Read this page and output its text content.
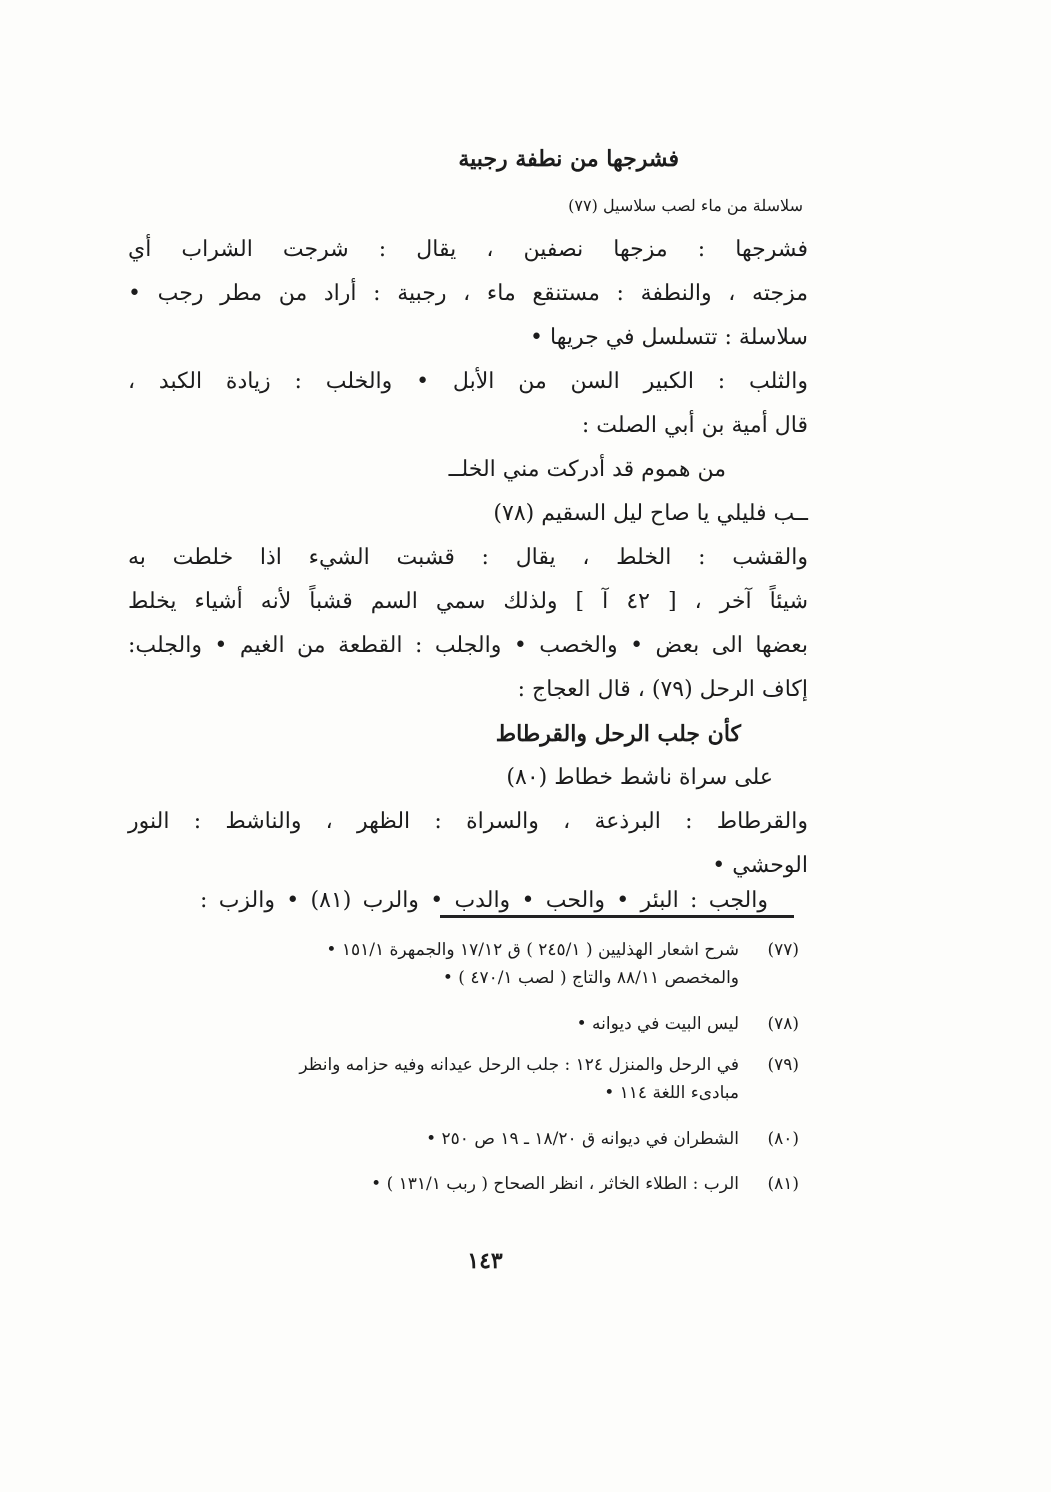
فشرجها من نطفة رجبية
سلاسلة من ماء لصب سلاسيل (٧٧)
فشرجها : مزجها نصفين ، يقال : شرجت الشراب أي
مزجته ، والنطفة : مستنقع ماء ، رجبية : أراد من مطر رجب •
سلاسلة : تتسلسل في جريها •
والثلب : الكبير السن من الأبل • والخلب : زيادة الكبد ،
قال أمية بن أبي الصلت :
من هموم قد أدركت مني الخلــ
ــب فليلي يا صاح ليل السقيم (٧٨)
والقشب : الخلط ، يقال : قشبت الشيء اذا خلطت به
شيئاً آخر ، [ ٤٢ آ ] ولذلك سمي السم قشباً لأنه أشياء يخلط
بعضها الى بعض • والخصب • والجلب : القطعة من الغيم • والجلب:
إكاف الرحل (٧٩) ، قال العجاج :
كأن جلب الرحل والقرطاط
على سراة ناشط خطاط (٨٠)
والقرطاط : البرذعة ، والسراة : الظهر ، والناشط : النور
الوحشي •
والجب : البئر • والحب • والدب • والرب (٨١) • والزب :
(٧٧)
شرح اشعار الهذليين ( ٢٤٥/١ ) ق ١٧/١٢ والجمهرة ١٥١/١ •
والمخصص ٨٨/١١ والتاج ( لصب ٤٧٠/١ ) •
(٧٨)
ليس البيت في ديوانه •
(٧٩)
في الرحل والمنزل ١٢٤ : جلب الرحل عيدانه وفيه حزامه وانظر
مبادىء اللغة ١١٤ •
(٨٠)
الشطران في ديوانه ق ١٨/٢٠ ـ ١٩ ص ٢٥٠ •
(٨١)
الرب : الطلاء الخاثر ، انظر الصحاح ( ربب ١٣١/١ ) •
١٤٣
